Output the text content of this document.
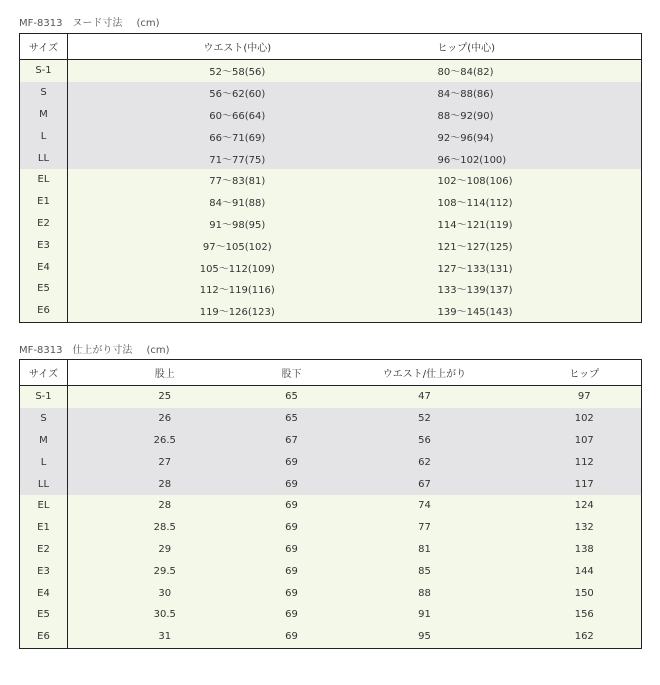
MF-8313　ヌード寸法 (cm)
サイズ	ウエスト(中心)	ヒップ(中心)
S-1	52～58(56)	80～84(82)
S	56～62(60)	84～88(86)
M	60～66(64)	88～92(90)
L	66～71(69)	92～96(94)
LL	71～77(75)	96～102(100)
EL	77～83(81)	102～108(106)
E1	84～91(88)	108～114(112)
E2	91～98(95)	114～121(119)
E3	97～105(102)	121～127(125)
E4	105～112(109)	127～133(131)
E5	112～119(116)	133～139(137)
E6	119～126(123)	139～145(143)
MF-8313　仕上がり寸法 (cm)
サイズ	股上	股下	ウエスト/仕上がり	ヒップ
S-1	25	65	47	97
S	26	65	52	102
M	26.5	67	56	107
L	27	69	62	112
LL	28	69	67	117
EL	28	69	74	124
E1	28.5	69	77	132
E2	29	69	81	138
E3	29.5	69	85	144
E4	30	69	88	150
E5	30.5	69	91	156
E6	31	69	95	162
